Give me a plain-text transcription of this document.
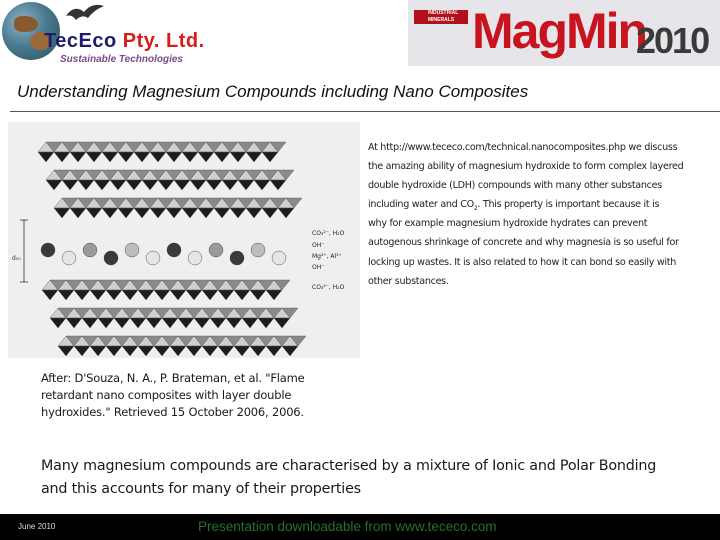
TecEco Pty. Ltd.
Sustainable Technologies
INDUSTRIAL MINERALS MagMin
2010
Understanding Magnesium Compounds including Nano Composites
d₀₀
CO₃²⁻, H₂O
OH⁻
Mg²⁺, Al³⁺
OH⁻
CO₃²⁻, H₂O
At http://www.tececo.com/technical.nanocomposites.php we discuss
the amazing ability of magnesium hydroxide to form complex layered
double hydroxide (LDH) compounds with many other substances
including water and $CO_2$. This property is important because it is
why for example magnesium hydroxide hydrates can prevent
autogenous shrinkage of concrete and why magnesia is so useful for
locking up wastes. It is also related to how it can bond so easily with
other substances.
After: D'Souza, N. A., P. Brateman, et al. "Flame
retardant nano composites with layer double
hydroxides." Retrieved 15 October 2006, 2006.
Many magnesium compounds are characterised by a mixture of Ionic and Polar Bonding
and this accounts for many of their properties
June 2010	Presentation downloadable from www.tececo.com
